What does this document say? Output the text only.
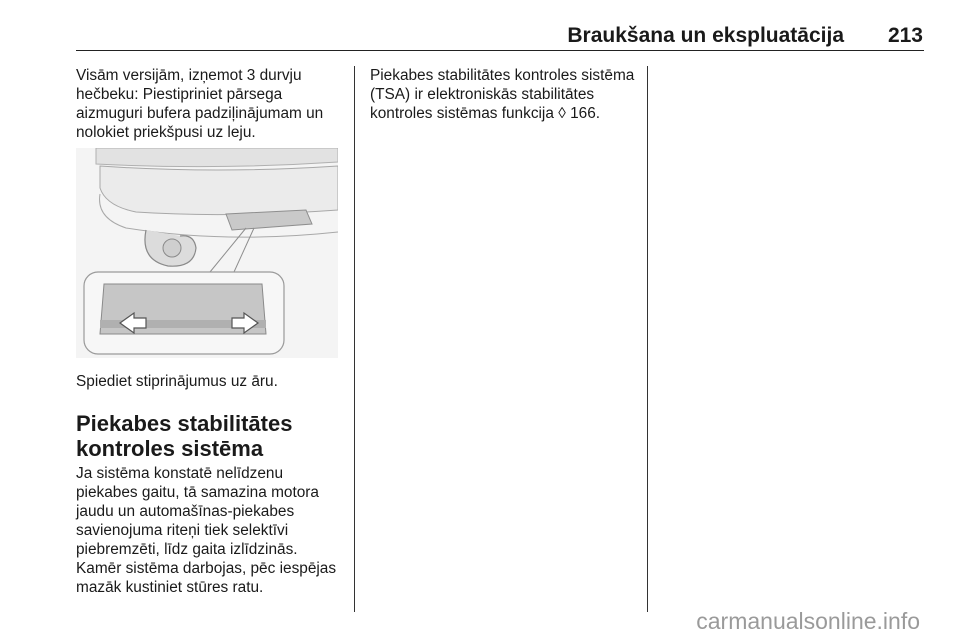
Braukšana un ekspluatācija 213

Visām versijām, izņemot 3 durvju hečbeku: Piestipriniet pārsega aizmuguri bufera padziļinājumam un nolokiet priekšpusi uz leju.

Spiediet stiprinājumus uz āru.

Piekabes stabilitātes kontroles sistēma

Ja sistēma konstatē nelīdzenu piekabes gaitu, tā samazina motora jaudu un automašīnas-piekabes savienojuma riteņi tiek selektīvi piebremzēti, līdz gaita izlīdzinās. Kamēr sistēma darbojas, pēc iespējas mazāk kustiniet stūres ratu.

Piekabes stabilitātes kontroles sistēma (TSA) ir elektroniskās stabilitātes kontroles sistēmas funkcija ◊ 166.

carmanualsonline.info
